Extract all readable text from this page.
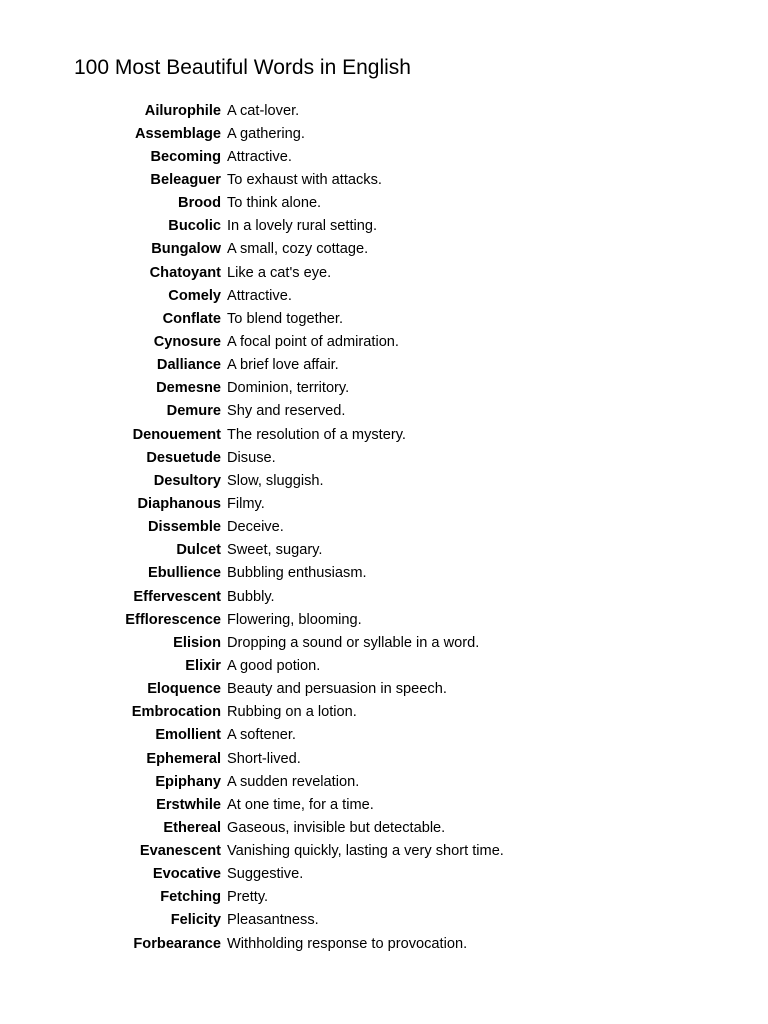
100 Most Beautiful Words in English
Ailurophile A cat-lover.
Assemblage A gathering.
Becoming Attractive.
Beleaguer To exhaust with attacks.
Brood To think alone.
Bucolic In a lovely rural setting.
Bungalow A small, cozy cottage.
Chatoyant Like a cat's eye.
Comely Attractive.
Conflate To blend together.
Cynosure A focal point of admiration.
Dalliance A brief love affair.
Demesne Dominion, territory.
Demure Shy and reserved.
Denouement The resolution of a mystery.
Desuetude Disuse.
Desultory Slow, sluggish.
Diaphanous Filmy.
Dissemble Deceive.
Dulcet Sweet, sugary.
Ebullience Bubbling enthusiasm.
Effervescent Bubbly.
Efflorescence Flowering, blooming.
Elision Dropping a sound or syllable in a word.
Elixir A good potion.
Eloquence Beauty and persuasion in speech.
Embrocation Rubbing on a lotion.
Emollient A softener.
Ephemeral Short-lived.
Epiphany A sudden revelation.
Erstwhile At one time, for a time.
Ethereal Gaseous, invisible but detectable.
Evanescent Vanishing quickly, lasting a very short time.
Evocative Suggestive.
Fetching Pretty.
Felicity Pleasantness.
Forbearance Withholding response to provocation.
